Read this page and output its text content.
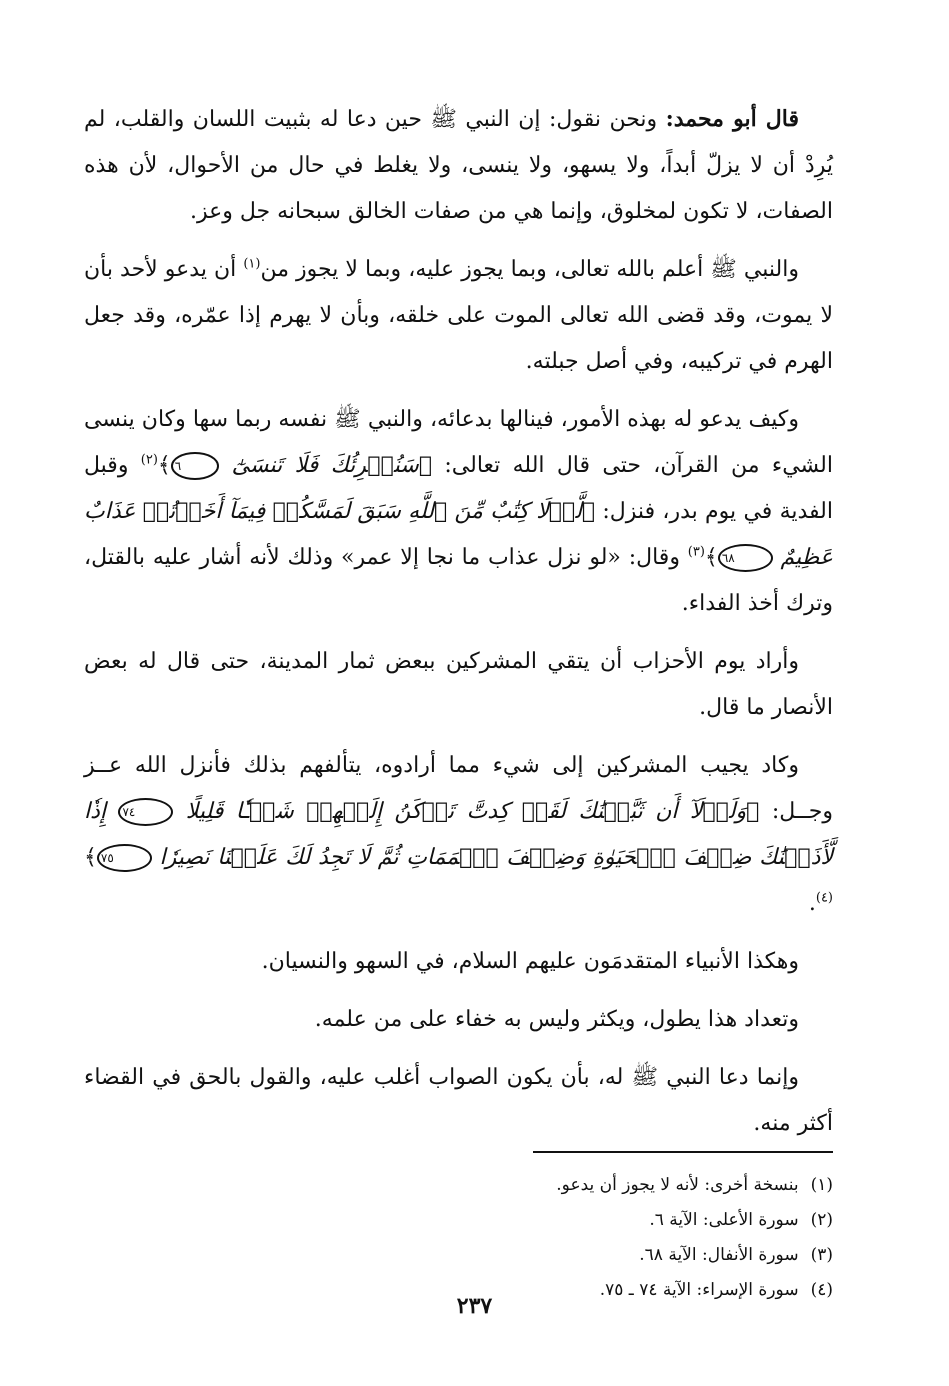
قال أبو محمد: ونحن نقول: إن النبي ﷺ حين دعا له بثبيت اللسان والقلب، لم يُرِدْ أن لا يزلّ أبداً، ولا يسهو، ولا ينسى، ولا يغلط في حال من الأحوال، لأن هذه الصفات، لا تكون لمخلوق، وإنما هي من صفات الخالق سبحانه جل وعز.

والنبي ﷺ أعلم بالله تعالى، وبما يجوز عليه، وبما لا يجوز من$^{(١)}$ أن يدعو لأحد بأن لا يموت، وقد قضى الله تعالى الموت على خلقه، وبأن لا يهرم إذا عمّره، وقد جعل الهرم في تركيبه، وفي أصل جبلته.

وكيف يدعو له بهذه الأمور، فينالها بدعائه، والنبي ﷺ نفسه ربما سها وكان ينسى الشيء من القرآن، حتى قال الله تعالى: ﴿سَنُقۡرِئُكَ فَلَا تَنسَىٰٓ ٦﴾$^{(٢)}$ وقبل الفدية في يوم بدر، فنزل: ﴿لَّوۡلَا كِتَٰبٌ مِّنَ ٱللَّهِ سَبَقَ لَمَسَّكُمۡ فِيمَآ أَخَذۡتُمۡ عَذَابٌ عَظِيمٌ ٦٨﴾$^{(٣)}$ وقال: «لو نزل عذاب ما نجا إلا عمر» وذلك لأنه أشار عليه بالقتل، وترك أخذ الفداء.

وأراد يوم الأحزاب أن يتقي المشركين ببعض ثمار المدينة، حتى قال له بعض الأنصار ما قال.

وكاد يجيب المشركين إلى شيء مما أرادوه، يتألفهم بذلك فأنزل الله عــز وجــل: ﴿وَلَوۡلَآ أَن ثَبَّتۡنَٰكَ لَقَدۡ كِدتَّ تَرۡكَنُ إِلَيۡهِمۡ شَيۡـٔٗا قَلِيلًا ٧٤ إِذٗا لَّأَذَقۡنَٰكَ ضِعۡفَ ٱلۡحَيَوٰةِ وَضِعۡفَ ٱلۡمَمَاتِ ثُمَّ لَا تَجِدُ لَكَ عَلَيۡنَا نَصِيرٗا ٧٥﴾$^{(٤)}$.

وهكذا الأنبياء المتقدمَون عليهم السلام، في السهو والنسيان.

وتعداد هذا يطول، ويكثر وليس به خفاء على من علمه.

وإنما دعا النبي ﷺ له، بأن يكون الصواب أغلب عليه، والقول بالحق في القضاء أكثر منه.

(١)بنسخة أخرى: لأنه لا يجوز أن يدعو.

(٢)سورة الأعلى: الآية ٦.

(٣)سورة الأنفال: الآية ٦٨.

(٤)سورة الإسراء: الآية ٧٤ ـ ٧٥.

٢٣٧
